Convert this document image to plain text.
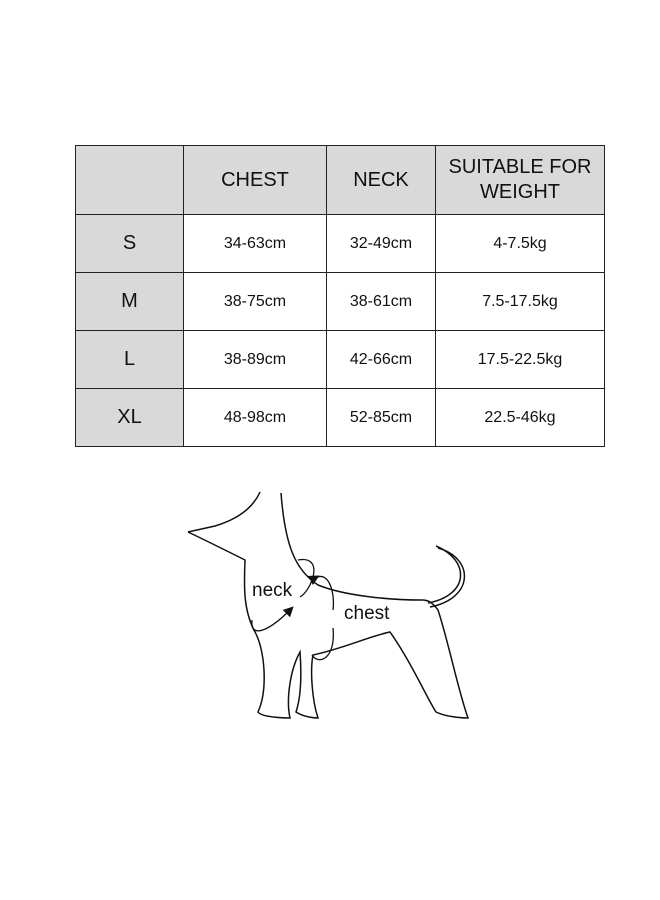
	CHEST	NECK	SUITABLE FOR WEIGHT
S	34-63cm	32-49cm	4-7.5kg
M	38-75cm	38-61cm	7.5-17.5kg
L	38-89cm	42-66cm	17.5-22.5kg
XL	48-98cm	52-85cm	22.5-46kg
neck
chest
